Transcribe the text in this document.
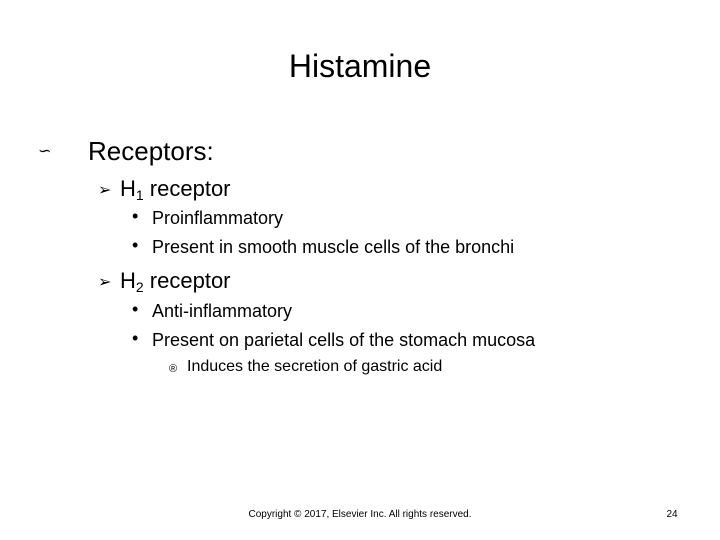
Histamine
∽ Receptors:
➢ $H_1$ receptor
• Proinflammatory
• Present in smooth muscle cells of the bronchi
➢ $H_2$ receptor
• Anti-inflammatory
• Present on parietal cells of the stomach mucosa
® Induces the secretion of gastric acid
Copyright © 2017, Elsevier Inc. All rights reserved.	24
